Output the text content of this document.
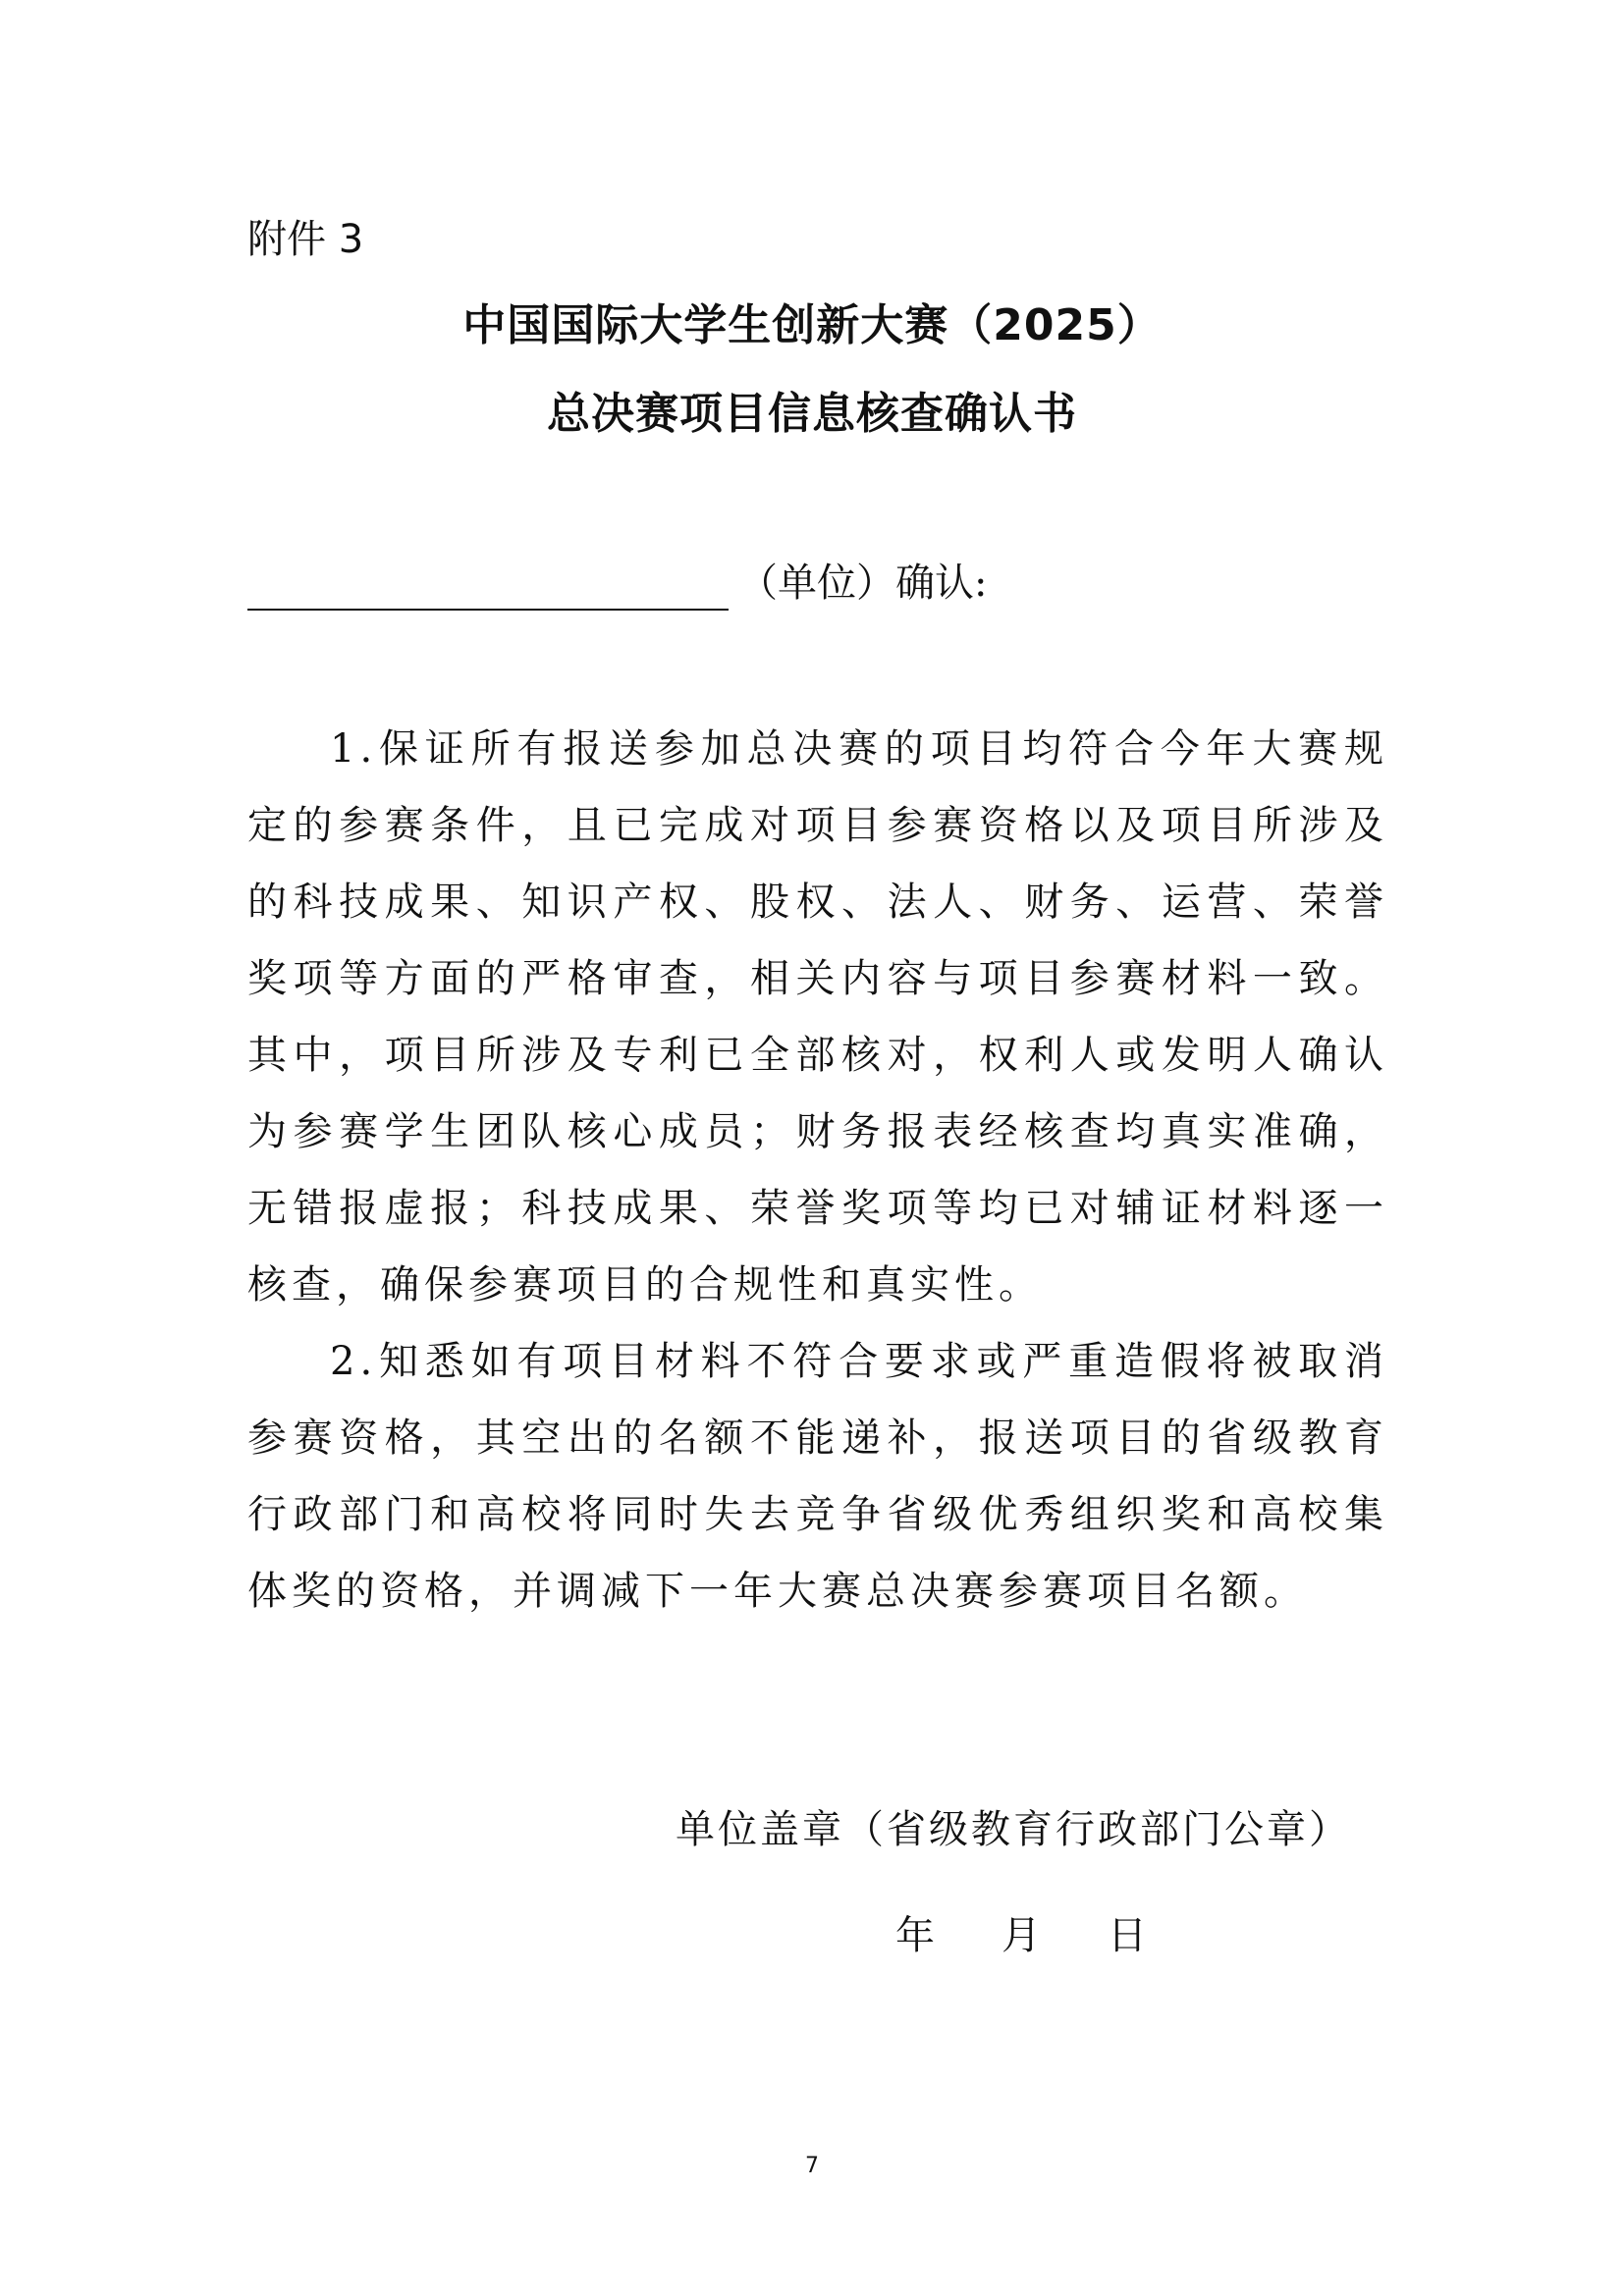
附件 3
中国国际大学生创新大赛（2025）
总决赛项目信息核查确认书
（单位）确认:

1.保证所有报送参加总决赛的项目均符合今年大赛规定的参赛条件，且已完成对项目参赛资格以及项目所涉及的科技成果、知识产权、股权、法人、财务、运营、荣誉奖项等方面的严格审查，相关内容与项目参赛材料一致。其中，项目所涉及专利已全部核对，权利人或发明人确认为参赛学生团队核心成员；财务报表经核查均真实准确，无错报虚报；科技成果、荣誉奖项等均已对辅证材料逐一核查，确保参赛项目的合规性和真实性。

2.知悉如有项目材料不符合要求或严重造假将被取消参赛资格，其空出的名额不能递补，报送项目的省级教育行政部门和高校将同时失去竞争省级优秀组织奖和高校集体奖的资格，并调减下一年大赛总决赛参赛项目名额。

单位盖章（省级教育行政部门公章）
年 月 日
7
